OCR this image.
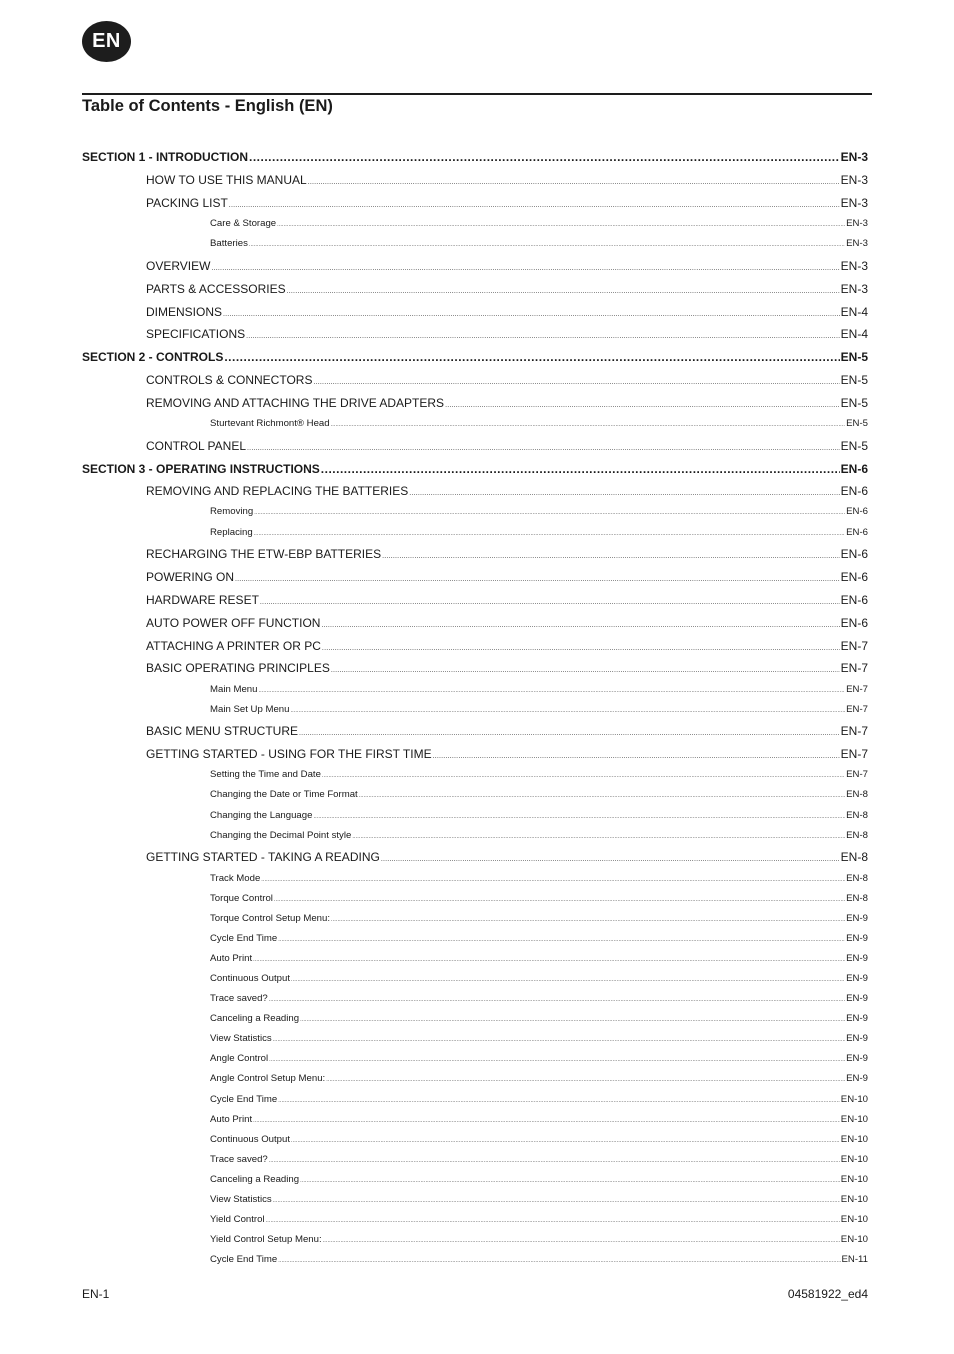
EN
Table of Contents - English (EN)
SECTION 1 - INTRODUCTION .....	EN-3
HOW TO USE THIS MANUAL .....	EN-3
PACKING LIST .....	EN-3
Care & Storage .....	EN-3
Batteries .....	EN-3
OVERVIEW .....	EN-3
PARTS & ACCESSORIES .....	EN-3
DIMENSIONS .....	EN-4
SPECIFICATIONS .....	EN-4
SECTION 2 - CONTROLS .....	EN-5
CONTROLS & CONNECTORS .....	EN-5
REMOVING AND ATTACHING THE DRIVE ADAPTERS .....	EN-5
Sturtevant Richmont® Head .....	EN-5
CONTROL PANEL .....	EN-5
SECTION 3 - OPERATING INSTRUCTIONS .....	EN-6
REMOVING AND REPLACING THE BATTERIES .....	EN-6
Removing .....	EN-6
Replacing .....	EN-6
RECHARGING THE ETW-EBP BATTERIES .....	EN-6
POWERING ON .....	EN-6
HARDWARE RESET .....	EN-6
AUTO POWER OFF FUNCTION .....	EN-6
ATTACHING A PRINTER OR PC .....	EN-7
BASIC OPERATING PRINCIPLES .....	EN-7
Main Menu .....	EN-7
Main Set Up Menu .....	EN-7
BASIC MENU STRUCTURE .....	EN-7
GETTING STARTED - USING FOR THE FIRST TIME .....	EN-7
Setting the Time and Date .....	EN-7
Changing the Date or Time Format .....	EN-8
Changing the Language .....	EN-8
Changing the Decimal Point style .....	EN-8
GETTING STARTED - TAKING A READING .....	EN-8
Track Mode .....	EN-8
Torque Control .....	EN-8
Torque Control Setup Menu: .....	EN-9
Cycle End Time .....	EN-9
Auto Print .....	EN-9
Continuous Output .....	EN-9
Trace saved? .....	EN-9
Canceling a Reading .....	EN-9
View Statistics .....	EN-9
Angle Control .....	EN-9
Angle Control Setup Menu: .....	EN-9
Cycle End Time .....	EN-10
Auto Print .....	EN-10
Continuous Output .....	EN-10
Trace saved? .....	EN-10
Canceling a Reading .....	EN-10
View Statistics .....	EN-10
Yield Control .....	EN-10
Yield Control Setup Menu: .....	EN-10
Cycle End Time .....	EN-11
EN-1	04581922_ed4
